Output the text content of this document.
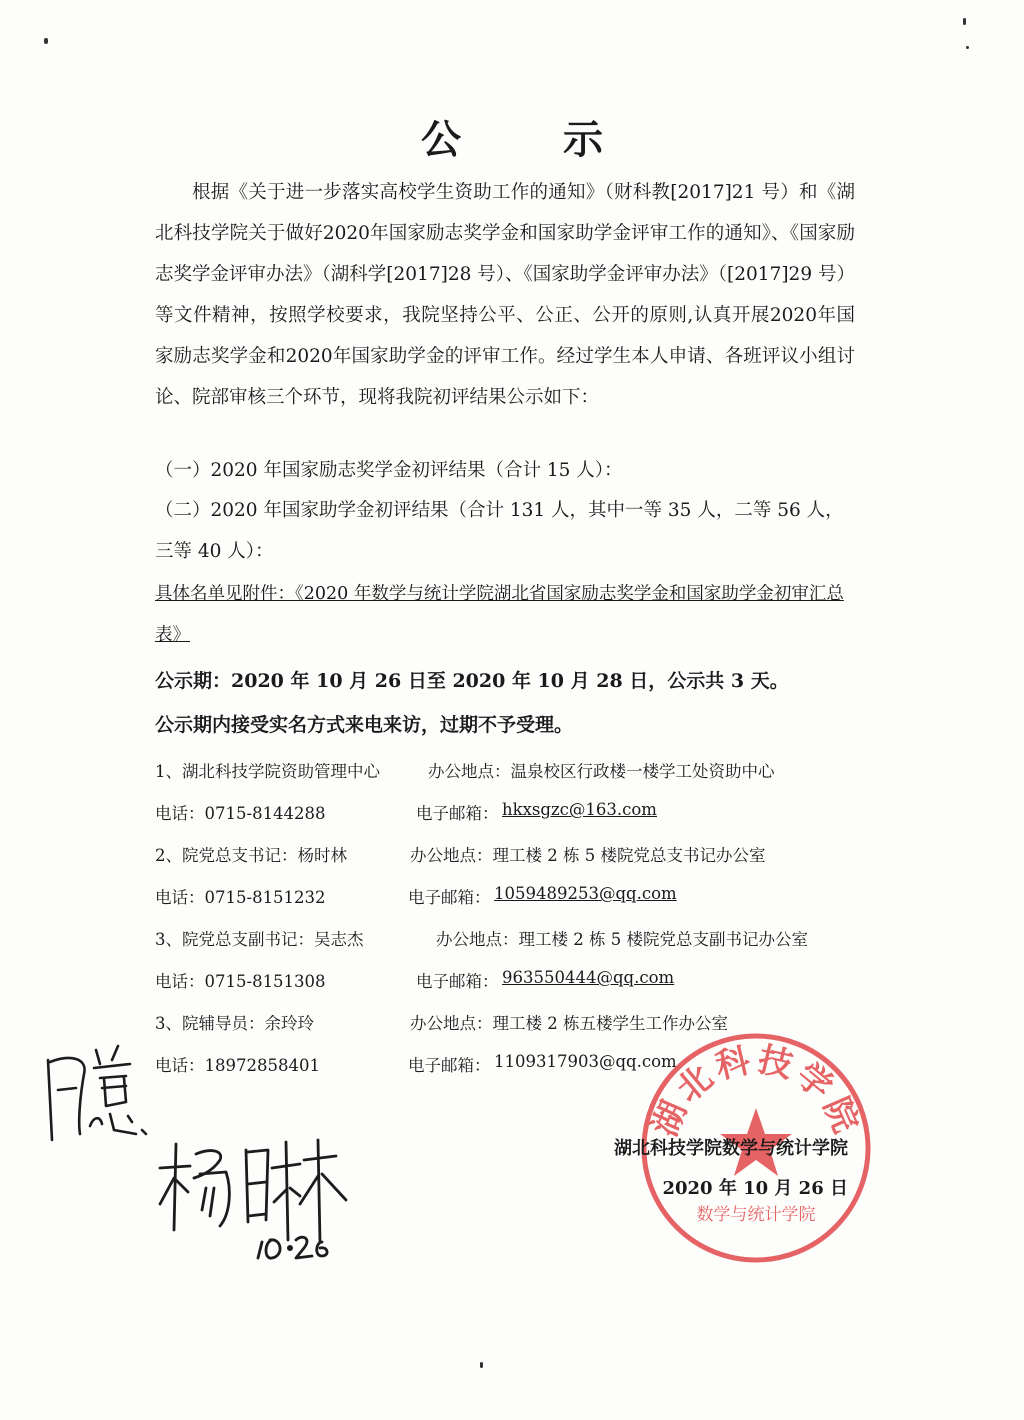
公 示

根据《关于进一步落实高校学生资助工作的通知》（财科教[2017]21 号）和《湖北科技学院关于做好2020年国家励志奖学金和国家助学金评审工作的通知》、《国家励志奖学金评审办法》（湖科学[2017]28 号）、《国家助学金评审办法》（[2017]29 号）等文件精神，按照学校要求，我院坚持公平、公正、公开的原则,认真开展2020年国家励志奖学金和2020年国家助学金的评审工作。经过学生本人申请、各班评议小组讨论、院部审核三个环节，现将我院初评结果公示如下：

（一）2020 年国家励志奖学金初评结果（合计 15 人）：

（二）2020 年国家助学金初评结果（合计 131 人，其中一等 35 人，二等 56 人，三等 40 人）：

具体名单见附件：《2020 年数学与统计学院湖北省国家励志奖学金和国家助学金初审汇总表》

公示期：2020 年 10 月 26 日至 2020 年 10 月 28 日，公示共 3 天。
公示期内接受实名方式来电来访，过期不予受理。
1、湖北科技学院资助管理中心	办公地点：温泉校区行政楼一楼学工处资助中心
电话：0715-8144288	电子邮箱： hkxsgzc@163.com
2、院党总支书记：杨时林	办公地点：理工楼 2 栋 5 楼院党总支书记办公室
电话：0715-8151232	电子邮箱： 1059489253@qq.com
3、院党总支副书记：吴志杰	办公地点：理工楼 2 栋 5 楼院党总支副书记办公室
电话：0715-8151308	电子邮箱： 963550444@qq.com
3、院辅导员：余玲玲	办公地点：理工楼 2 栋五楼学生工作办公室
电话：18972858401	电子邮箱： 1109317903@qq.com
湖北科技学院
数学与统计学院
湖北科技学院数学与统计学院
2020 年 10 月 26 日
